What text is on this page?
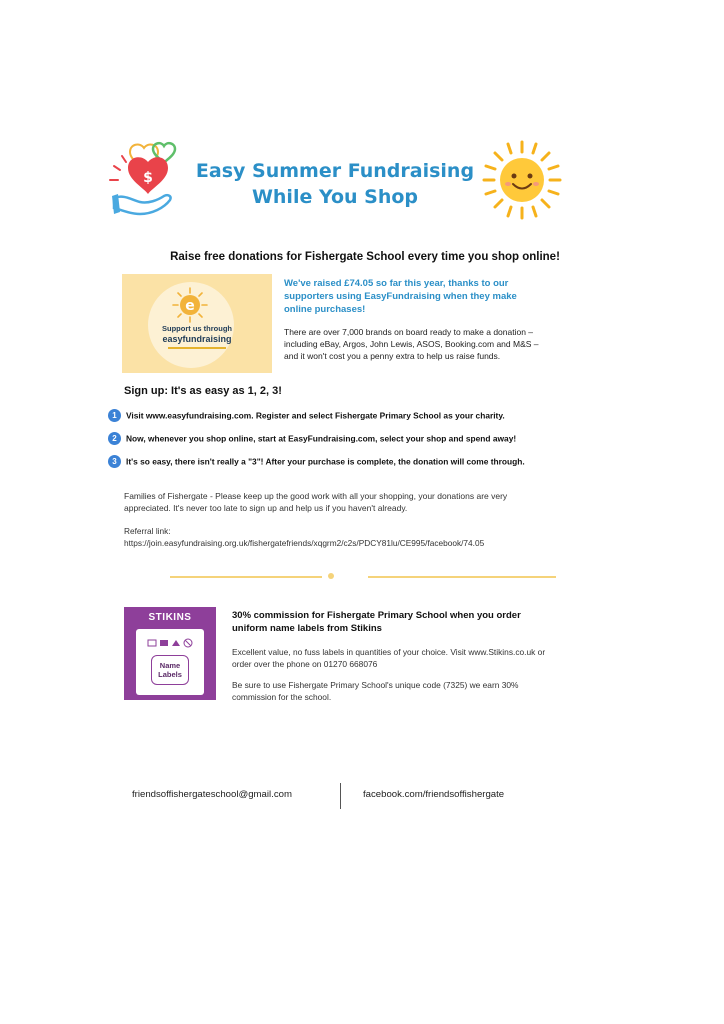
$	Easy Summer Fundraising
While You Shop
Raise free donations for Fishergate School every time you shop online!
e
Support us through
easyfundraising
We've raised £74.05 so far this year, thanks to our supporters using EasyFundraising when they make online purchases!
There are over 7,000 brands on board ready to make a donation – including eBay, Argos, John Lewis, ASOS, Booking.com and M&S – and it won't cost you a penny extra to help us raise funds.
Sign up: It's as easy as 1, 2, 3!
1 Visit www.easyfundraising.com. Register and select Fishergate Primary School as your charity.
2 Now, whenever you shop online, start at EasyFundraising.com, select your shop and spend away!
3 It's so easy, there isn't really a "3"! After your purchase is complete, the donation will come through.
Families of Fishergate - Please keep up the good work with all your shopping, your donations are very appreciated. It's never too late to sign up and help us if you haven't already.
Referral link:
https://join.easyfundraising.org.uk/fishergatefriends/xqgrm2/c2s/PDCY81lu/CE995/facebook/74.05
STIKINS
Name Labels
30% commission for Fishergate Primary School when you order uniform name labels from Stikins
Excellent value, no fuss labels in quantities of your choice. Visit www.Stikins.co.uk or order over the phone on 01270 668076
Be sure to use Fishergate Primary School's unique code (7325) we earn 30% commission for the school.
friendsoffishergateschool@gmail.com	facebook.com/friendsoffishergate
